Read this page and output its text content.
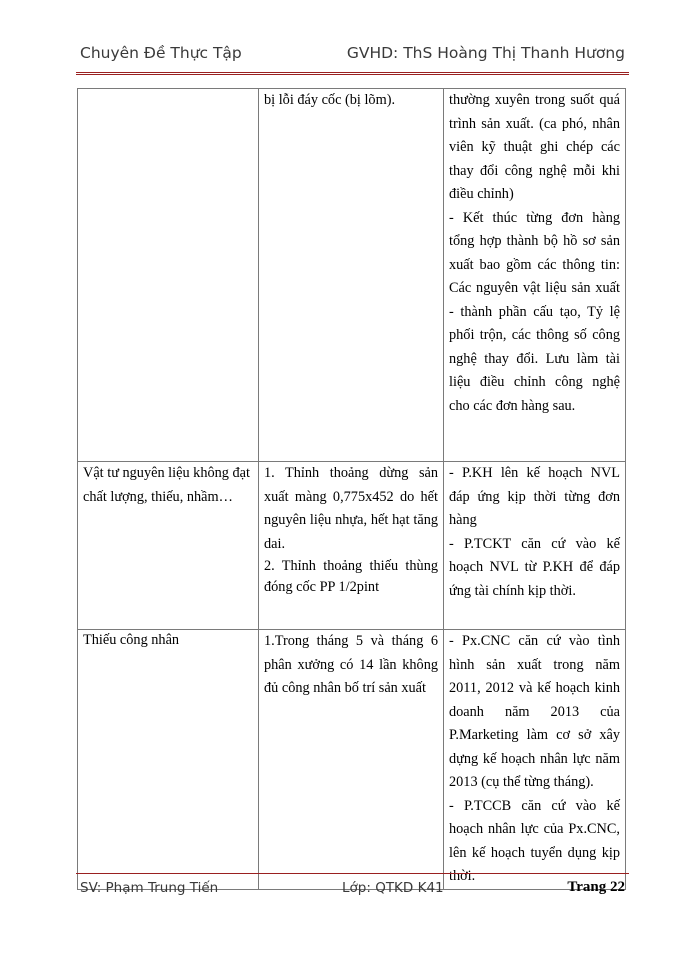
Chuyên Đề Thực Tập	GVHD: ThS Hoàng Thị Thanh Hương

	bị lỗi đáy cốc (bị lõm).	thường xuyên trong suốt quá trình sản xuất. (ca phó, nhân viên kỹ thuật ghi chép các thay đổi công nghệ mỗi khi điều chỉnh)
- Kết thúc từng đơn hàng tổng hợp thành bộ hồ sơ sản xuất bao gồm các thông tin: Các nguyên vật liệu sản xuất - thành phần cấu tạo, Tỷ lệ phối trộn, các thông số công nghệ thay đổi. Lưu làm tài liệu điều chỉnh công nghệ cho các đơn hàng sau.

Vật tư nguyên liệu không đạt chất lượng, thiếu, nhầm…	1. Thỉnh thoảng dừng sản xuất màng 0,775x452 do hết nguyên liệu nhựa, hết hạt tăng dai.
2. Thỉnh thoảng thiếu thùng đóng cốc PP 1/2pint	- P.KH lên kế hoạch NVL đáp ứng kịp thời từng đơn hàng
- P.TCKT căn cứ vào kế hoạch NVL từ P.KH để đáp ứng tài chính kịp thời.

Thiếu công nhân	1.Trong tháng 5 và tháng 6 phân xưởng có 14 lần không đủ công nhân bố trí sản xuất	- Px.CNC căn cứ vào tình hình sản xuất trong năm 2011, 2012 và kế hoạch kinh doanh năm 2013 của P.Marketing làm cơ sở xây dựng kế hoạch nhân lực năm 2013 (cụ thể từng tháng).
- P.TCCB căn cứ vào kế hoạch nhân lực của Px.CNC, lên kế hoạch tuyển dụng kịp thời.
SV: Phạm Trung Tiến	Lớp: QTKD K41	Trang 22
